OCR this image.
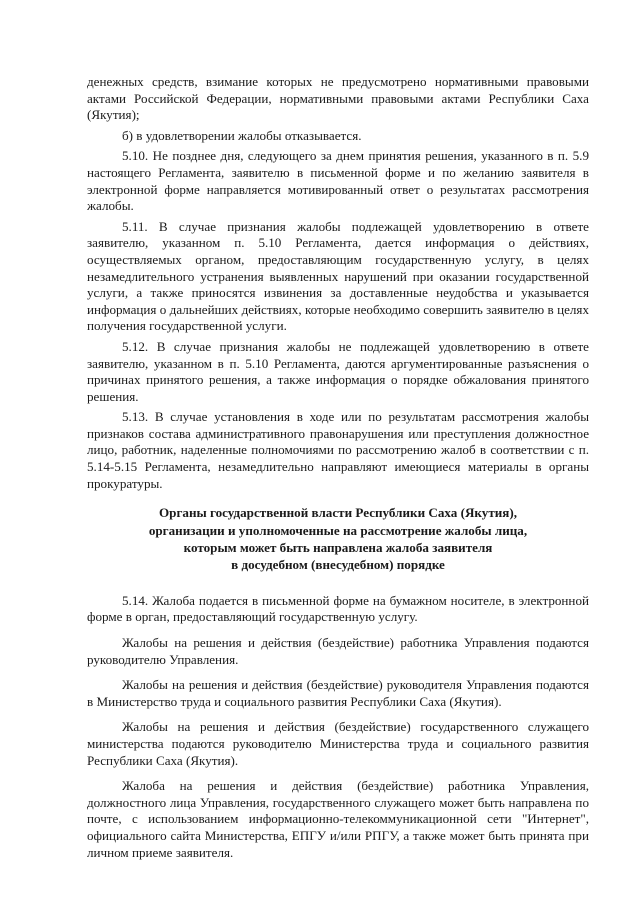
денежных средств, взимание которых не предусмотрено нормативными правовыми актами Российской Федерации, нормативными правовыми актами Республики Саха (Якутия);

б) в удовлетворении жалобы отказывается.

5.10. Не позднее дня, следующего за днем принятия решения, указанного в п. 5.9 настоящего Регламента, заявителю в письменной форме и по желанию заявителя в электронной форме направляется мотивированный ответ о результатах рассмотрения жалобы.

5.11. В случае признания жалобы подлежащей удовлетворению в ответе заявителю, указанном п. 5.10 Регламента, дается информация о действиях, осуществляемых органом, предоставляющим государственную услугу, в целях незамедлительного устранения выявленных нарушений при оказании государственной услуги, а также приносятся извинения за доставленные неудобства и указывается информация о дальнейших действиях, которые необходимо совершить заявителю в целях получения государственной услуги.

5.12. В случае признания жалобы не подлежащей удовлетворению в ответе заявителю, указанном в п. 5.10 Регламента, даются аргументированные разъяснения о причинах принятого решения, а также информация о порядке обжалования принятого решения.

5.13. В случае установления в ходе или по результатам рассмотрения жалобы признаков состава административного правонарушения или преступления должностное лицо, работник, наделенные полномочиями по рассмотрению жалоб в соответствии с п. 5.14-5.15 Регламента, незамедлительно направляют имеющиеся материалы в органы прокуратуры.

Органы государственной власти Республики Саха (Якутия),
организации и уполномоченные на рассмотрение жалобы лица,
которым может быть направлена жалоба заявителя
в досудебном (внесудебном) порядке

5.14. Жалоба подается в письменной форме на бумажном носителе, в электронной форме в орган, предоставляющий государственную услугу.

Жалобы на решения и действия (бездействие) работника Управления подаются руководителю Управления.

Жалобы на решения и действия (бездействие) руководителя Управления подаются в Министерство труда и социального развития Республики Саха (Якутия).

Жалобы на решения и действия (бездействие) государственного служащего министерства подаются руководителю Министерства труда и социального развития Республики Саха (Якутия).

Жалоба на решения и действия (бездействие) работника Управления, должностного лица Управления, государственного служащего может быть направлена по почте, с использованием информационно-телекоммуникационной сети "Интернет", официального сайта Министерства, ЕПГУ и/или РПГУ, а также может быть принята при личном приеме заявителя.
